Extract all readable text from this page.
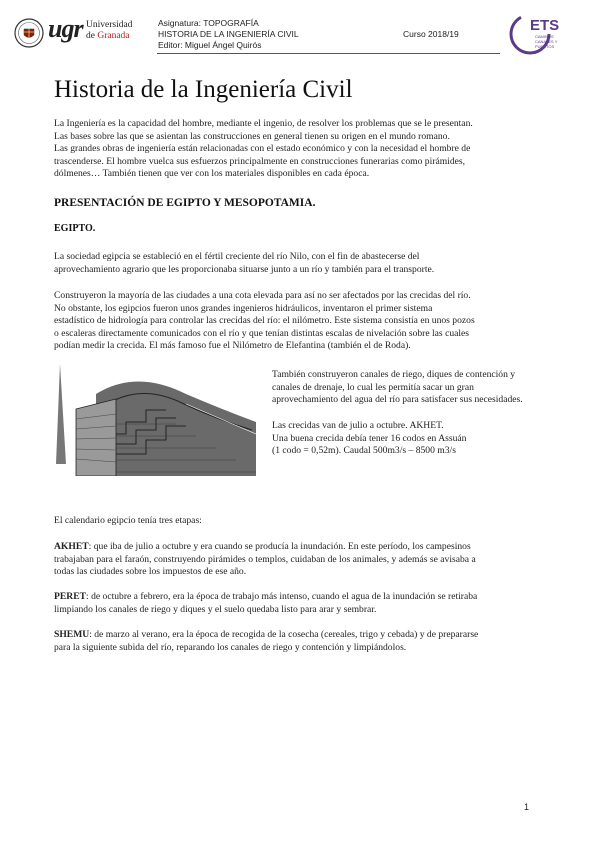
ugr Universidad
de Granada
Asignatura: TOPOGRAFÍA
HISTORIA DE LA INGENIERÍA CIVIL
Editor: Miguel Ángel Quirós
Curso 2018/19	ETS
CAMINOS
CANALES Y
PUERTOS
Historia de la Ingeniería Civil
La Ingeniería es la capacidad del hombre, mediante el ingenio, de resolver los problemas que se le presentan.
Las bases sobre las que se asientan las construcciones en general tienen su origen en el mundo romano.
Las grandes obras de ingeniería están relacionadas con el estado económico y con la necesidad el hombre de
trascenderse. El hombre vuelca sus esfuerzos principalmente en construcciones funerarias como pirámides,
dólmenes… También tienen que ver con los materiales disponibles en cada época.
PRESENTACIÓN DE EGIPTO Y MESOPOTAMIA.
EGIPTO.
La sociedad egipcia se estableció en el fértil creciente del río Nilo, con el fin de abastecerse del
aprovechamiento agrario que les proporcionaba situarse junto a un río y también para el transporte.
Construyeron la mayoría de las ciudades a una cota elevada para así no ser afectados por las crecidas del río.
No obstante, los egipcios fueron unos grandes ingenieros hidráulicos, inventaron el primer sistema
estadístico de hidrología para controlar las crecidas del río: el nilómetro. Este sistema consistía en unos pozos
o escaleras directamente comunicados con el río y que tenían distintas escalas de nivelación sobre las cuales
podían medir la crecida. El más famoso fue el Nilómetro de Elefantina (también el de Roda).
También construyeron canales de riego, diques de contención y
canales de drenaje, lo cual les permitía sacar un gran
aprovechamiento del agua del río para satisfacer sus necesidades.
Las crecidas van de julio a octubre. AKHET.
Una buena crecida debía tener 16 codos en Assuán
(1 codo = 0,52m). Caudal 500m3/s – 8500 m3/s
El calendario egipcio tenía tres etapas:
AKHET: que iba de julio a octubre y era cuando se producía la inundación. En este período, los campesinos
trabajaban para el faraón, construyendo pirámides o templos, cuidaban de los animales, y además se avisaba a
todas las ciudades sobre los impuestos de ese año.
PERET: de octubre a febrero, era la época de trabajo más intenso, cuando el agua de la inundación se retiraba
limpiando los canales de riego y diques y el suelo quedaba listo para arar y sembrar.
SHEMU: de marzo al verano, era la época de recogida de la cosecha (cereales, trigo y cebada) y de prepararse
para la siguiente subida del río, reparando los canales de riego y contención y limpiándolos.
1
